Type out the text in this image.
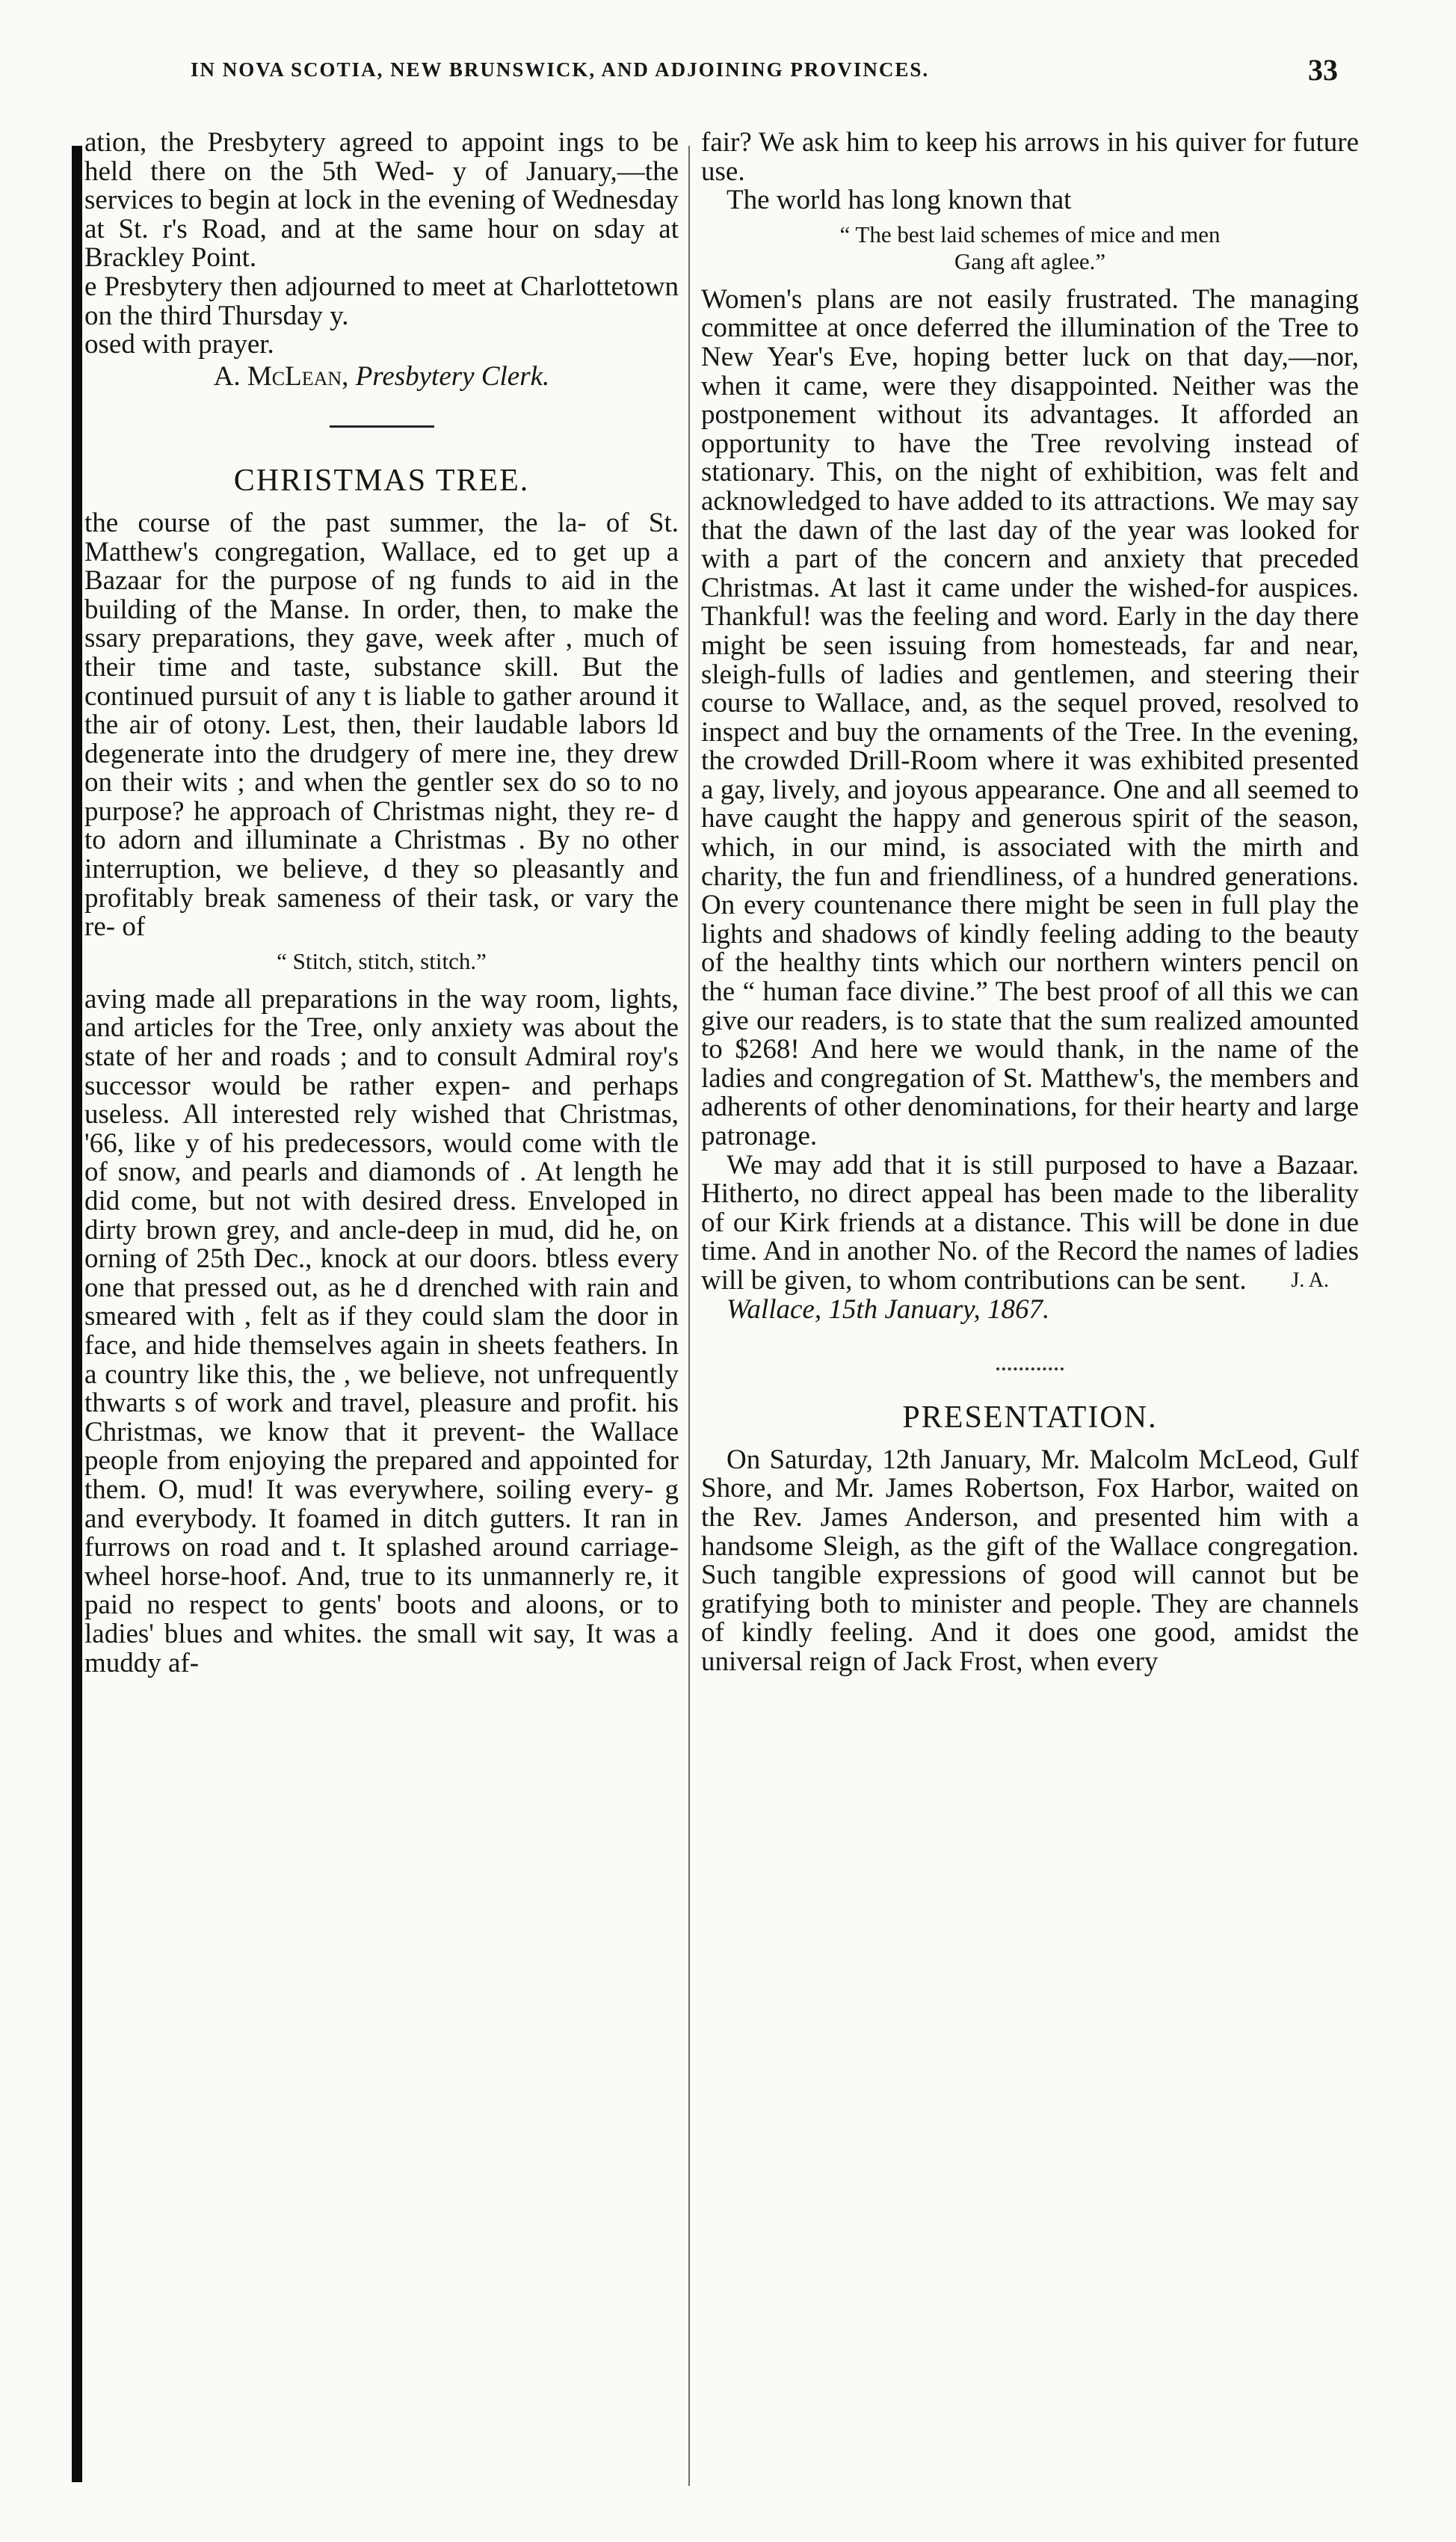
IN NOVA SCOTIA, NEW BRUNSWICK, AND ADJOINING PROVINCES.	33

ation, the Presbytery agreed to appoint ings to be held there on the 5th Wed- y of January,—the services to begin at lock in the evening of Wednesday at St. r's Road, and at the same hour on sday at Brackley Point.

e Presbytery then adjourned to meet at Charlottetown on the third Thursday y.

osed with prayer.

A. McLean, Presbytery Clerk.
CHRISTMAS TREE.

the course of the past summer, the la- of St. Matthew's congregation, Wallace, ed to get up a Bazaar for the purpose of ng funds to aid in the building of the Manse. In order, then, to make the ssary preparations, they gave, week after , much of their time and taste, substance skill. But the continued pursuit of any t is liable to gather around it the air of otony. Lest, then, their laudable labors ld degenerate into the drudgery of mere ine, they drew on their wits ; and when the gentler sex do so to no purpose? he approach of Christmas night, they re- d to adorn and illuminate a Christmas . By no other interruption, we believe, d they so pleasantly and profitably break sameness of their task, or vary the re- of

“ Stitch, stitch, stitch.”

aving made all preparations in the way room, lights, and articles for the Tree, only anxiety was about the state of her and roads ; and to consult Admiral roy's successor would be rather expen- and perhaps useless. All interested rely wished that Christmas, '66, like y of his predecessors, would come with tle of snow, and pearls and diamonds of . At length he did come, but not with desired dress. Enveloped in dirty brown grey, and ancle-deep in mud, did he, on orning of 25th Dec., knock at our doors. btless every one that pressed out, as he d drenched with rain and smeared with , felt as if they could slam the door in face, and hide themselves again in sheets feathers. In a country like this, the , we believe, not unfrequently thwarts s of work and travel, pleasure and profit. his Christmas, we know that it prevent- the Wallace people from enjoying the prepared and appointed for them. O, mud! It was everywhere, soiling every- g and everybody. It foamed in ditch gutters. It ran in furrows on road and t. It splashed around carriage-wheel horse-hoof. And, true to its unmannerly re, it paid no respect to gents' boots and aloons, or to ladies' blues and whites. the small wit say, It was a muddy af-

fair? We ask him to keep his arrows in his quiver for future use.

The world has long known that

“ The best laid schemes of mice and men
Gang aft aglee.”

Women's plans are not easily frustrated. The managing committee at once deferred the illumination of the Tree to New Year's Eve, hoping better luck on that day,—nor, when it came, were they disappointed. Neither was the postponement without its advantages. It afforded an opportunity to have the Tree revolving instead of stationary. This, on the night of exhibition, was felt and acknowledged to have added to its attractions. We may say that the dawn of the last day of the year was looked for with a part of the concern and anxiety that preceded Christmas. At last it came under the wished-for auspices. Thankful! was the feeling and word. Early in the day there might be seen issuing from homesteads, far and near, sleigh-fulls of ladies and gentlemen, and steering their course to Wallace, and, as the sequel proved, resolved to inspect and buy the ornaments of the Tree. In the evening, the crowded Drill-Room where it was exhibited presented a gay, lively, and joyous appearance. One and all seemed to have caught the happy and generous spirit of the season, which, in our mind, is associated with the mirth and charity, the fun and friendliness, of a hundred generations. On every countenance there might be seen in full play the lights and shadows of kindly feeling adding to the beauty of the healthy tints which our northern winters pencil on the “ human face divine.” The best proof of all this we can give our readers, is to state that the sum realized amounted to $268! And here we would thank, in the name of the ladies and congregation of St. Matthew's, the members and adherents of other denominations, for their hearty and large patronage.

We may add that it is still purposed to have a Bazaar. Hitherto, no direct appeal has been made to the liberality of our Kirk friends at a distance. This will be done in due time. And in another No. of the Record the names of ladies will be given, to whom contributions can be sent.	J. A.

Wallace, 15th January, 1867.

PRESENTATION.

On Saturday, 12th January, Mr. Malcolm McLeod, Gulf Shore, and Mr. James Robertson, Fox Harbor, waited on the Rev. James Anderson, and presented him with a handsome Sleigh, as the gift of the Wallace congregation. Such tangible expressions of good will cannot but be gratifying both to minister and people. They are channels of kindly feeling. And it does one good, amidst the universal reign of Jack Frost, when every
